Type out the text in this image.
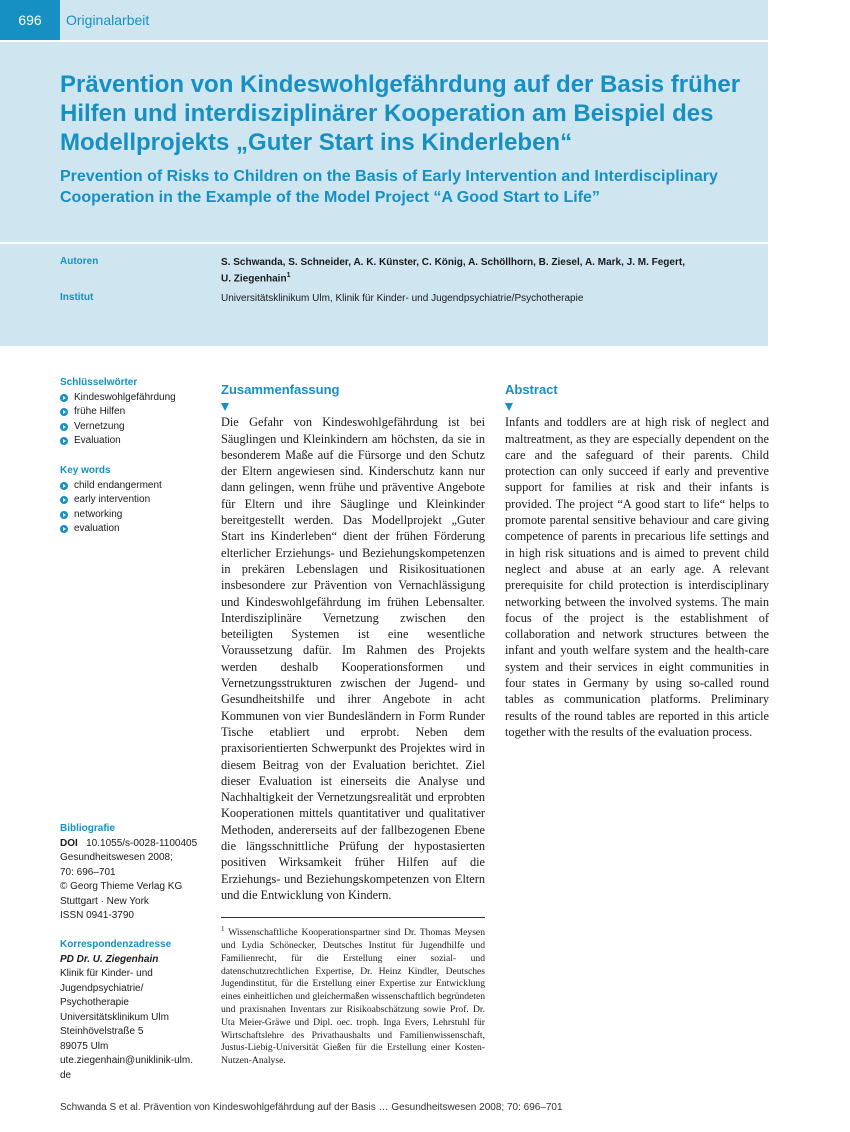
696	Originalarbeit
Prävention von Kindeswohlgefährdung auf der Basis früher Hilfen und interdisziplinärer Kooperation am Beispiel des Modellprojekts „Guter Start ins Kinderleben“
Prevention of Risks to Children on the Basis of Early Intervention and Interdisciplinary Cooperation in the Example of the Model Project “A Good Start to Life”
Autoren	S. Schwanda, S. Schneider, A. K. Künster, C. König, A. Schöllhorn, B. Ziesel, A. Mark, J. M. Fegert,
U. Ziegenhain$^1$
Institut	Universitätsklinikum Ulm, Klinik für Kinder- und Jugendpsychiatrie/Psychotherapie
Schlüsselwörter
Kindeswohlgefährdung
frühe Hilfen
Vernetzung
Evaluation
Key words
child endangerment
early intervention
networking
evaluation
Bibliografie
DOI 10.1055/s-0028-1100405
Gesundheitswesen 2008;
70: 696–701
© Georg Thieme Verlag KG
Stuttgart · New York
ISSN 0941-3790
Korrespondenzadresse
PD Dr. U. Ziegenhain
Klinik für Kinder- und
Jugendpsychiatrie/
Psychotherapie
Universitätsklinikum Ulm
Steinhövelstraße 5
89075 Ulm
ute.ziegenhain@uniklinik-ulm.
de
Zusammenfassung

Die Gefahr von Kindeswohlgefährdung ist bei Säuglingen und Kleinkindern am höchsten, da sie in besonderem Maße auf die Fürsorge und den Schutz der Eltern angewiesen sind. Kinderschutz kann nur dann gelingen, wenn frühe und präventive Angebote für Eltern und ihre Säuglinge und Kleinkinder bereitgestellt werden. Das Modellprojekt „Guter Start ins Kinderleben“ dient der frühen Förderung elterlicher Erziehungs- und Beziehungskompetenzen in prekären Lebenslagen und Risikosituationen insbesondere zur Prävention von Vernachlässigung und Kindeswohlgefährdung im frühen Lebensalter. Interdisziplinäre Vernetzung zwischen den beteiligten Systemen ist eine wesentliche Voraussetzung dafür. Im Rahmen des Projekts werden deshalb Kooperationsformen und Vernetzungsstrukturen zwischen der Jugend- und Gesundheitshilfe und ihrer Angebote in acht Kommunen von vier Bundesländern in Form Runder Tische etabliert und erprobt. Neben dem praxisorientierten Schwerpunkt des Projektes wird in diesem Beitrag von der Evaluation berichtet. Ziel dieser Evaluation ist einerseits die Analyse und Nachhaltigkeit der Vernetzungsrealität und erprobten Kooperationen mittels quantitativer und qualitativer Methoden, andererseits auf der fallbezogenen Ebene die längsschnittliche Prüfung der hypostasierten positiven Wirksamkeit früher Hilfen auf die Erziehungs- und Beziehungskompetenzen von Eltern und die Entwicklung von Kindern.

Abstract

Infants and toddlers are at high risk of neglect and maltreatment, as they are especially dependent on the care and the safeguard of their parents. Child protection can only succeed if early and preventive support for families at risk and their infants is provided. The project “A good start to life“ helps to promote parental sensitive behaviour and care giving competence of parents in precarious life settings and in high risk situations and is aimed to prevent child neglect and abuse at an early age. A relevant prerequisite for child protection is interdisciplinary networking between the involved systems. The main focus of the project is the establishment of collaboration and network structures between the infant and youth welfare system and the health-care system and their services in eight communities in four states in Germany by using so-called round tables as communication platforms. Preliminary results of the round tables are reported in this article together with the results of the evaluation process.

$^1$ Wissenschaftliche Kooperationspartner sind Dr. Thomas Meysen und Lydia Schönecker, Deutsches Institut für Jugendhilfe und Familienrecht, für die Erstellung einer sozial- und datenschutzrechtlichen Expertise, Dr. Heinz Kindler, Deutsches Jugendinstitut, für die Erstellung einer Expertise zur Entwicklung eines einheitlichen und gleichermaßen wissenschaftlich begründeten und praxisnahen Inventars zur Risikoabschätzung sowie Prof. Dr. Uta Meier-Gräwe und Dipl. oec. troph. Inga Evers, Lehrstuhl für Wirtschaftslehre des Privathaushalts und Familienwissenschaft, Justus-Liebig-Universität Gießen für die Erstellung einer Kosten-Nutzen-Analyse.
Schwanda S et al. Prävention von Kindeswohlgefährdung auf der Basis … Gesundheitswesen 2008; 70: 696–701
